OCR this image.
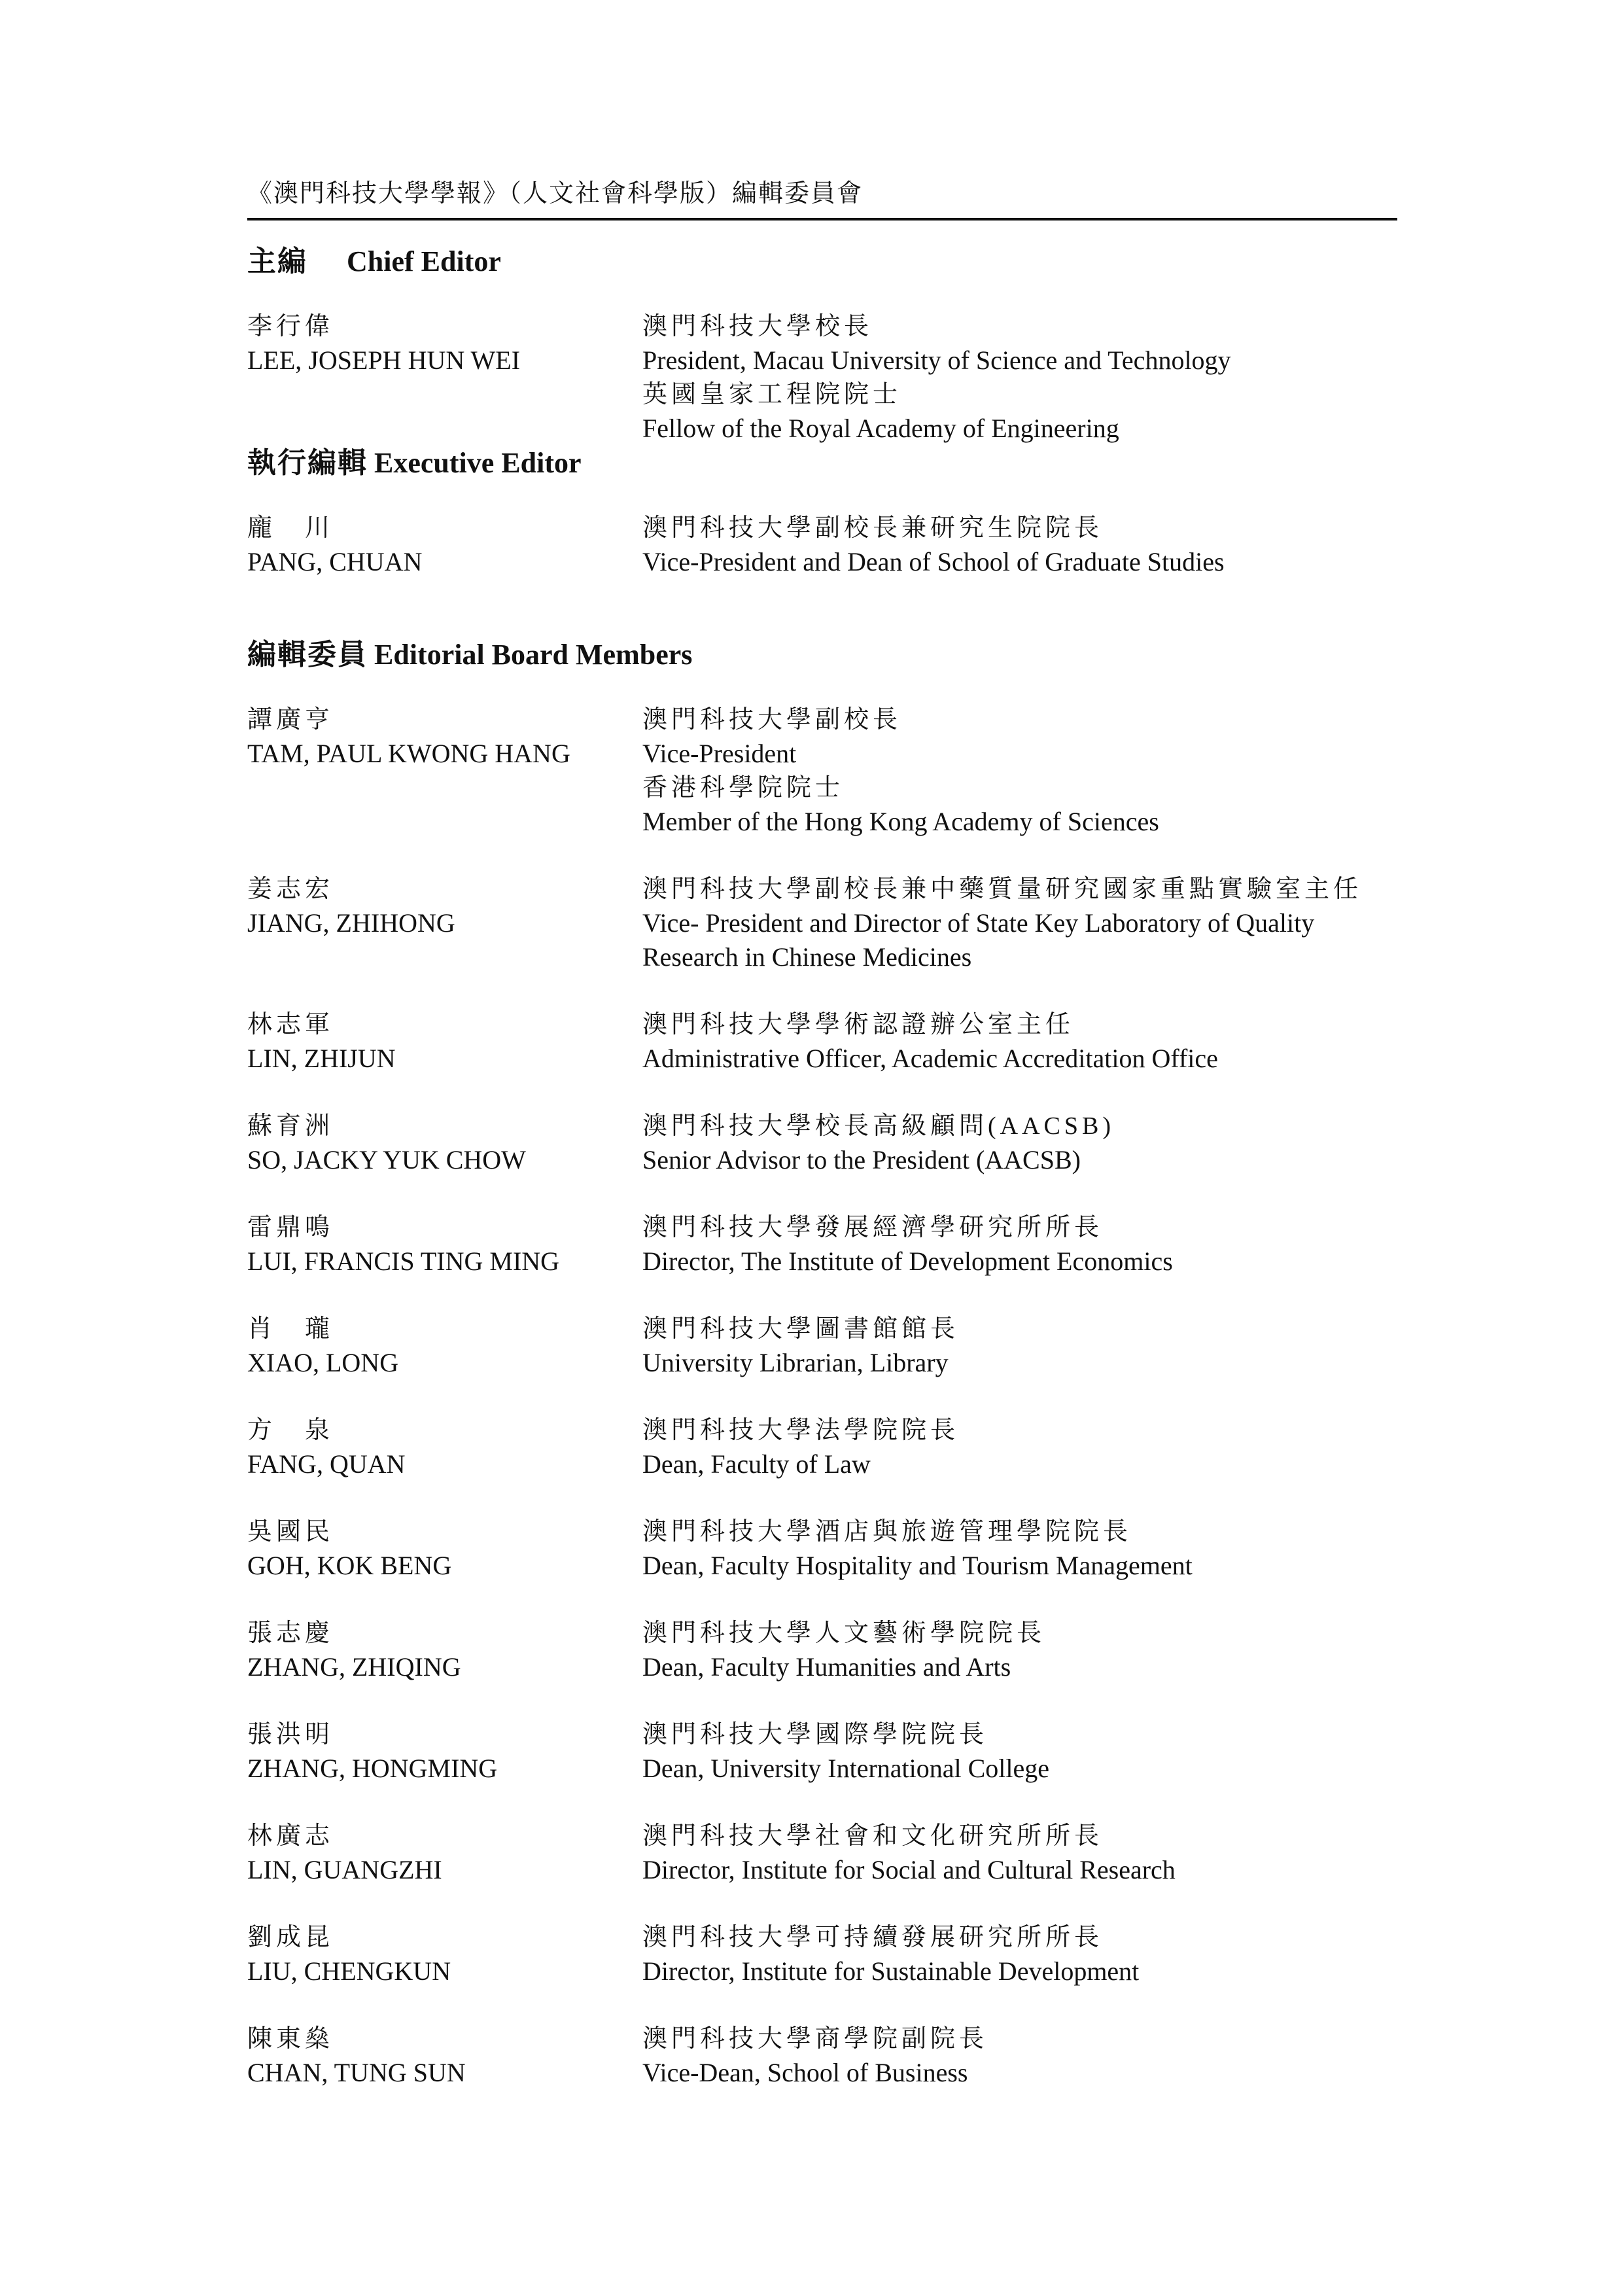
《澳門科技大學學報》（人文社會科學版）編輯委員會
主編 Chief Editor
李行偉
LEE, JOSEPH HUN WEI
澳門科技大學校長
President, Macau University of Science and Technology
英國皇家工程院院士
Fellow of the Royal Academy of Engineering
執行編輯 Executive Editor
龐　川
PANG, CHUAN
澳門科技大學副校長兼研究生院院長
Vice-President and Dean of School of Graduate Studies
編輯委員 Editorial Board Members
譚廣亨
TAM, PAUL KWONG HANG
澳門科技大學副校長
Vice-President
香港科學院院士
Member of the Hong Kong Academy of Sciences
姜志宏
JIANG, ZHIHONG
澳門科技大學副校長兼中藥質量研究國家重點實驗室主任
Vice- President and Director of State Key Laboratory of Quality
Research in Chinese Medicines
林志軍
LIN, ZHIJUN
澳門科技大學學術認證辦公室主任
Administrative Officer, Academic Accreditation Office
蘇育洲
SO, JACKY YUK CHOW
澳門科技大學校長高級顧問(AACSB)
Senior Advisor to the President (AACSB)
雷鼎鳴
LUI, FRANCIS TING MING
澳門科技大學發展經濟學研究所所長
Director, The Institute of Development Economics
肖　瓏
XIAO, LONG
澳門科技大學圖書館館長
University Librarian, Library
方　泉
FANG, QUAN
澳門科技大學法學院院長
Dean, Faculty of Law
吳國民
GOH, KOK BENG
澳門科技大學酒店與旅遊管理學院院長
Dean, Faculty Hospitality and Tourism Management
張志慶
ZHANG, ZHIQING
澳門科技大學人文藝術學院院長
Dean, Faculty Humanities and Arts
張洪明
ZHANG, HONGMING
澳門科技大學國際學院院長
Dean, University International College
林廣志
LIN, GUANGZHI
澳門科技大學社會和文化研究所所長
Director, Institute for Social and Cultural Research
劉成昆
LIU, CHENGKUN
澳門科技大學可持續發展研究所所長
Director, Institute for Sustainable Development
陳東燊
CHAN, TUNG SUN
澳門科技大學商學院副院長
Vice-Dean, School of Business
